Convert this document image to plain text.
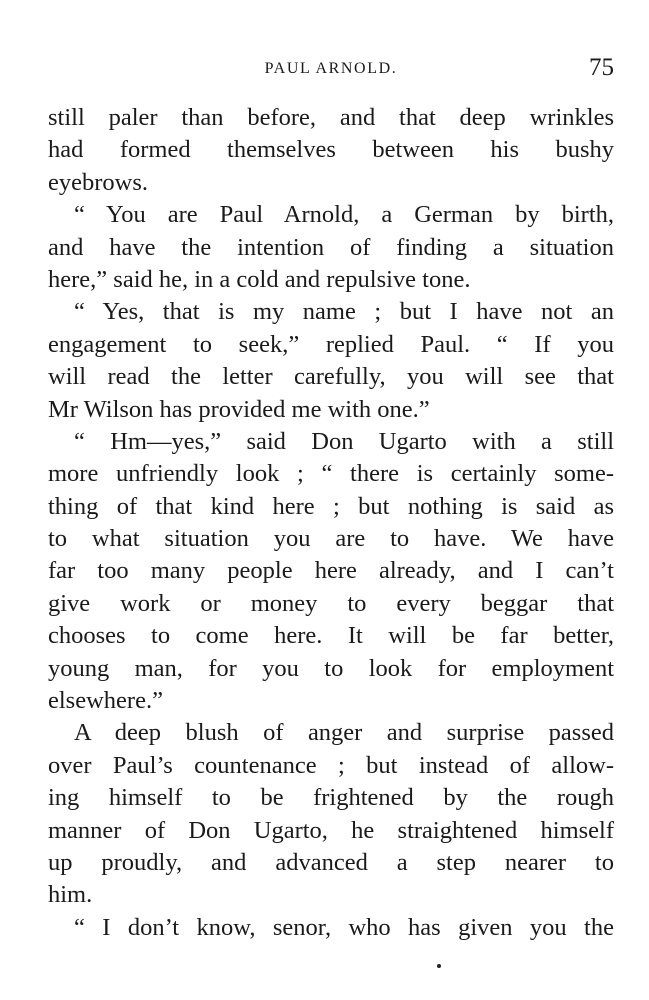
PAUL ARNOLD.	75
still paler than before, and that deep wrinkles
had formed themselves between his bushy
eyebrows.
“ You are Paul Arnold, a German by birth,
and have the intention of finding a situation
here,” said he, in a cold and repulsive tone.
“ Yes, that is my name ; but I have not an
engagement to seek,” replied Paul. “ If you
will read the letter carefully, you will see that
Mr Wilson has provided me with one.”
“ Hm—yes,” said Don Ugarto with a still
more unfriendly look ; “ there is certainly some-
thing of that kind here ; but nothing is said as
to what situation you are to have. We have
far too many people here already, and I can’t
give work or money to every beggar that
chooses to come here. It will be far better,
young man, for you to look for employment
elsewhere.”
A deep blush of anger and surprise passed
over Paul’s countenance ; but instead of allow-
ing himself to be frightened by the rough
manner of Don Ugarto, he straightened himself
up proudly, and advanced a step nearer to
him.
“ I don’t know, senor, who has given you the
